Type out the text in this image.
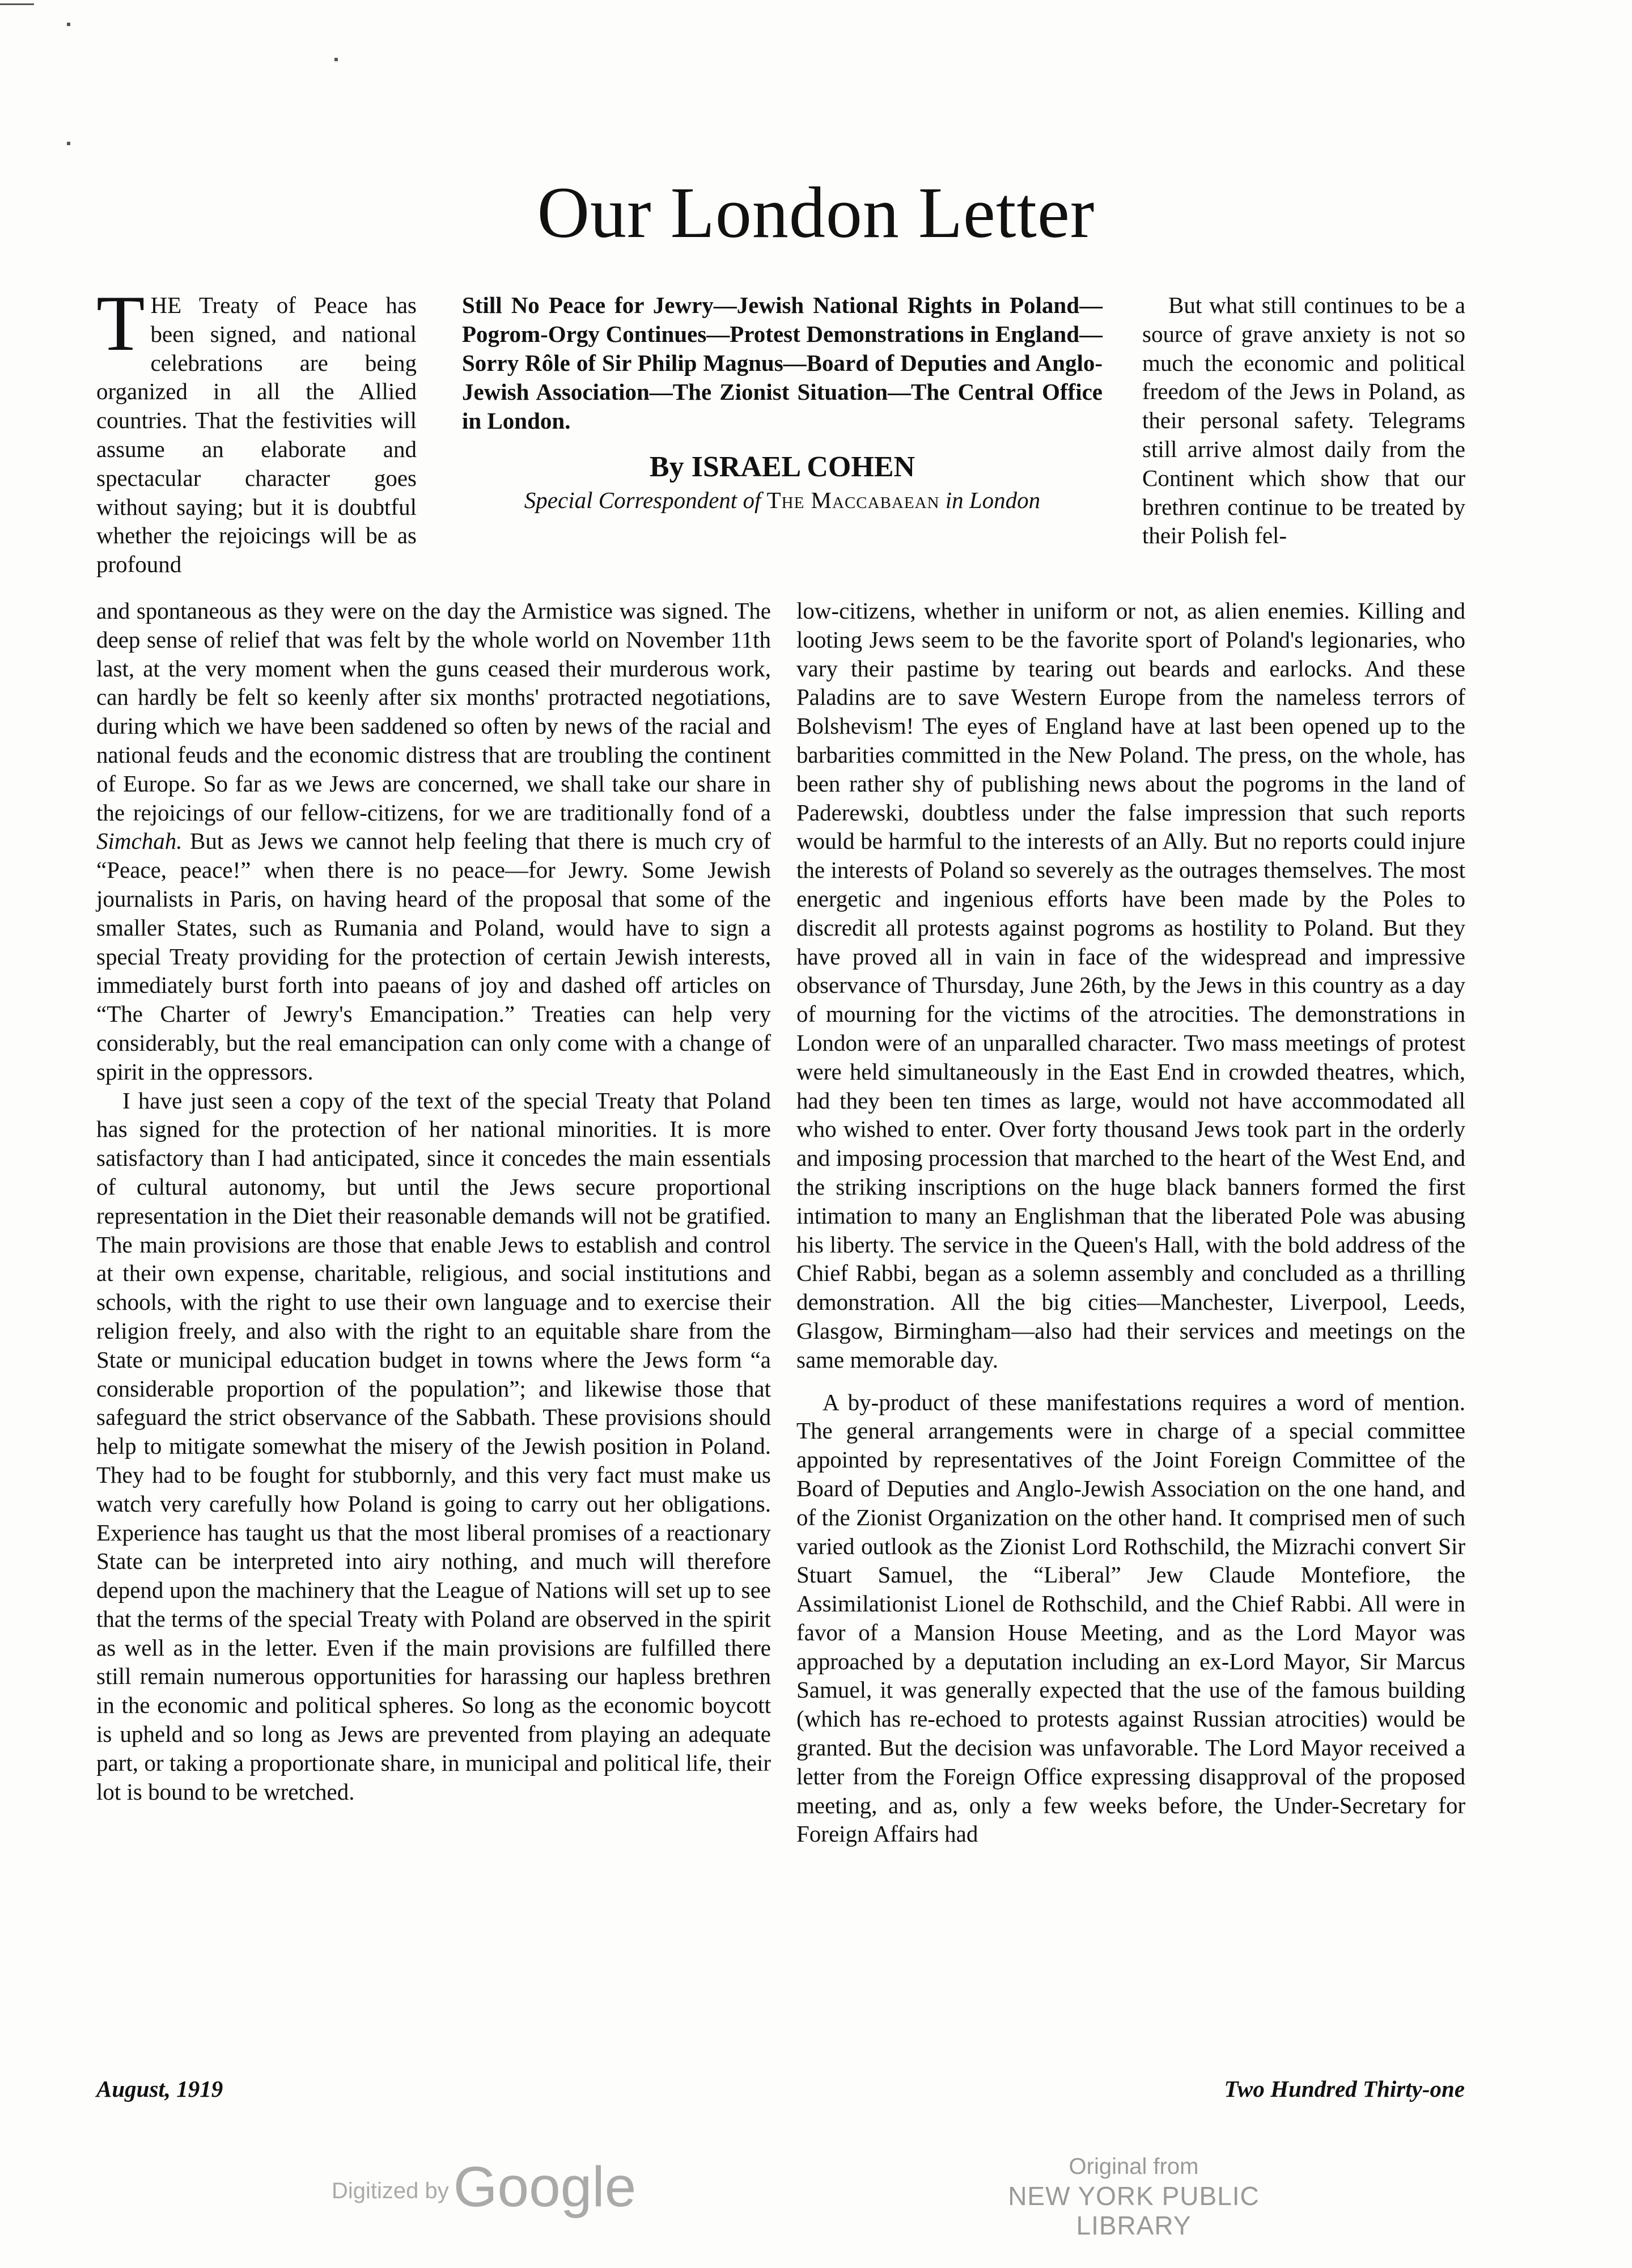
Our London Letter

THE Treaty of Peace has been signed, and national celebrations are being organized in all the Allied countries. That the festivities will assume an elaborate and spectacular character goes without saying; but it is doubtful whether the rejoicings will be as profound

Still No Peace for Jewry—Jewish National Rights in Poland—Pogrom-Orgy Continues—Protest Demonstrations in England—Sorry Rôle of Sir Philip Magnus—Board of Deputies and Anglo-Jewish Association—The Zionist Situation—The Central Office in London.

By ISRAEL COHEN

Special Correspondent of The Maccabaean in London

But what still continues to be a source of grave anxiety is not so much the economic and political freedom of the Jews in Poland, as their personal safety. Telegrams still arrive almost daily from the Continent which show that our brethren continue to be treated by their Polish fel-

and spontaneous as they were on the day the Armistice was signed. The deep sense of relief that was felt by the whole world on November 11th last, at the very moment when the guns ceased their murderous work, can hardly be felt so keenly after six months' protracted negotiations, during which we have been saddened so often by news of the racial and national feuds and the economic distress that are troubling the continent of Europe. So far as we Jews are concerned, we shall take our share in the rejoicings of our fellow-citizens, for we are traditionally fond of a Simchah. But as Jews we cannot help feeling that there is much cry of “Peace, peace!” when there is no peace—for Jewry. Some Jewish journalists in Paris, on having heard of the proposal that some of the smaller States, such as Rumania and Poland, would have to sign a special Treaty providing for the protection of certain Jewish interests, immediately burst forth into paeans of joy and dashed off articles on “The Charter of Jewry's Emancipation.” Treaties can help very considerably, but the real emancipation can only come with a change of spirit in the oppressors.

I have just seen a copy of the text of the special Treaty that Poland has signed for the protection of her national minorities. It is more satisfactory than I had anticipated, since it concedes the main essentials of cultural autonomy, but until the Jews secure proportional representation in the Diet their reasonable demands will not be gratified. The main provisions are those that enable Jews to establish and control at their own expense, charitable, religious, and social institutions and schools, with the right to use their own language and to exercise their religion freely, and also with the right to an equitable share from the State or municipal education budget in towns where the Jews form “a considerable proportion of the population”; and likewise those that safeguard the strict observance of the Sabbath. These provisions should help to mitigate somewhat the misery of the Jewish position in Poland. They had to be fought for stubbornly, and this very fact must make us watch very carefully how Poland is going to carry out her obligations. Experience has taught us that the most liberal promises of a reactionary State can be interpreted into airy nothing, and much will therefore depend upon the machinery that the League of Nations will set up to see that the terms of the special Treaty with Poland are observed in the spirit as well as in the letter. Even if the main provisions are fulfilled there still remain numerous opportunities for harassing our hapless brethren in the economic and political spheres. So long as the economic boycott is upheld and so long as Jews are prevented from playing an adequate part, or taking a proportionate share, in municipal and political life, their lot is bound to be wretched.

low-citizens, whether in uniform or not, as alien enemies. Killing and looting Jews seem to be the favorite sport of Poland's legionaries, who vary their pastime by tearing out beards and earlocks. And these Paladins are to save Western Europe from the nameless terrors of Bolshevism! The eyes of England have at last been opened up to the barbarities committed in the New Poland. The press, on the whole, has been rather shy of publishing news about the pogroms in the land of Paderewski, doubtless under the false impression that such reports would be harmful to the interests of an Ally. But no reports could injure the interests of Poland so severely as the outrages themselves. The most energetic and ingenious efforts have been made by the Poles to discredit all protests against pogroms as hostility to Poland. But they have proved all in vain in face of the widespread and impressive observance of Thursday, June 26th, by the Jews in this country as a day of mourning for the victims of the atrocities. The demonstrations in London were of an unparalled character. Two mass meetings of protest were held simultaneously in the East End in crowded theatres, which, had they been ten times as large, would not have accommodated all who wished to enter. Over forty thousand Jews took part in the orderly and imposing procession that marched to the heart of the West End, and the striking inscriptions on the huge black banners formed the first intimation to many an Englishman that the liberated Pole was abusing his liberty. The service in the Queen's Hall, with the bold address of the Chief Rabbi, began as a solemn assembly and concluded as a thrilling demonstration. All the big cities—Manchester, Liverpool, Leeds, Glasgow, Birmingham—also had their services and meetings on the same memorable day.

A by-product of these manifestations requires a word of mention. The general arrangements were in charge of a special committee appointed by representatives of the Joint Foreign Committee of the Board of Deputies and Anglo-Jewish Association on the one hand, and of the Zionist Organization on the other hand. It comprised men of such varied outlook as the Zionist Lord Rothschild, the Mizrachi convert Sir Stuart Samuel, the “Liberal” Jew Claude Montefiore, the Assimilationist Lionel de Rothschild, and the Chief Rabbi. All were in favor of a Mansion House Meeting, and as the Lord Mayor was approached by a deputation including an ex-Lord Mayor, Sir Marcus Samuel, it was generally expected that the use of the famous building (which has re-echoed to protests against Russian atrocities) would be granted. But the decision was unfavorable. The Lord Mayor received a letter from the Foreign Office expressing disapproval of the proposed meeting, and as, only a few weeks before, the Under-Secretary for Foreign Affairs had

August, 1919	Two Hundred Thirty-one
Digitized byGoogle	Original from
NEW YORK PUBLIC LIBRARY
